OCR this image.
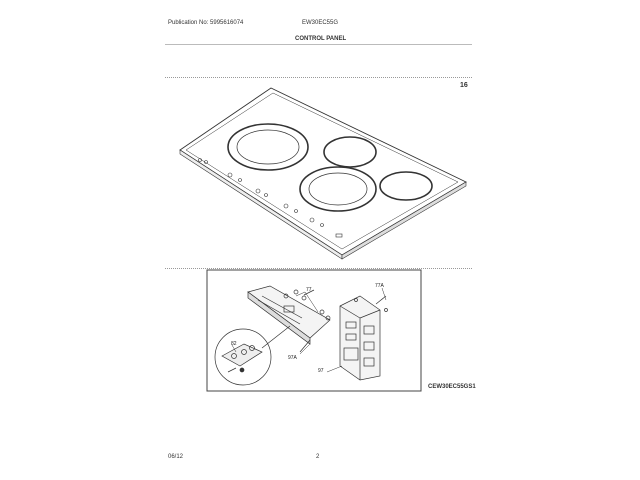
Publication No: 5995616074	EW30EC55G
CONTROL PANEL
16
77
77A
97A
97
82
CEW30EC55GS1
06/12	2
